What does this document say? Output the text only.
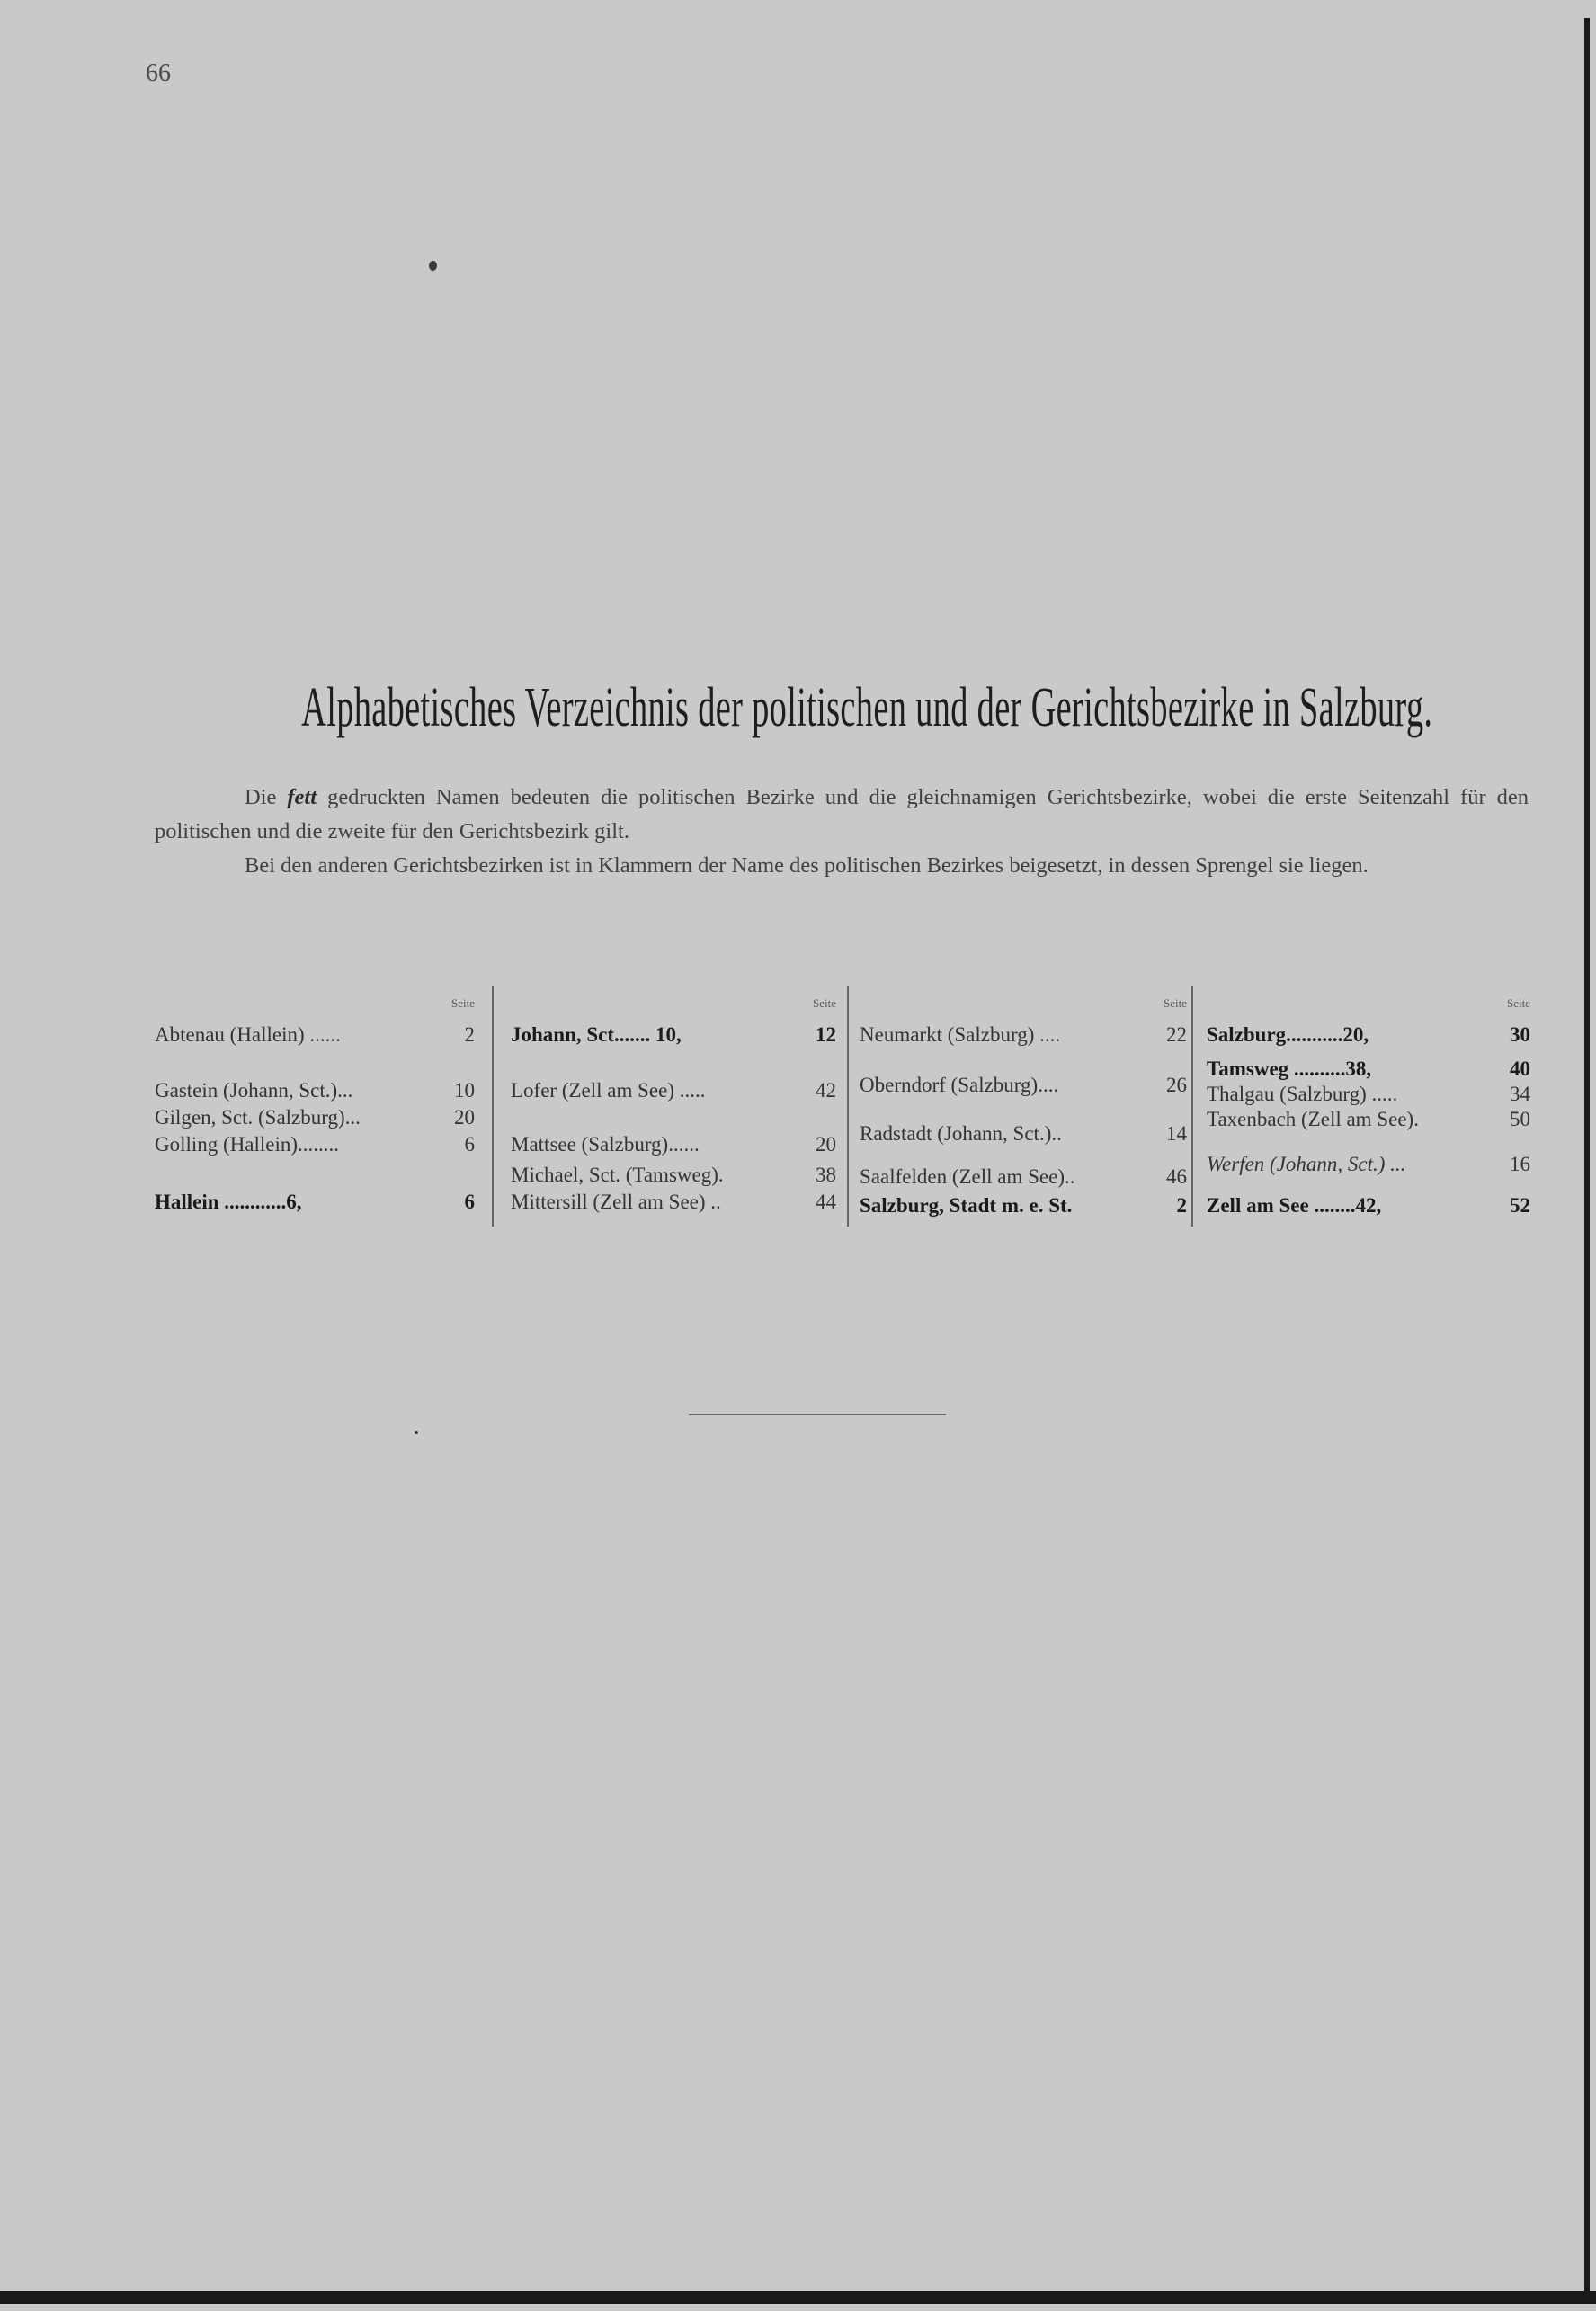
66
Alphabetisches Verzeichnis der politischen und der Gerichtsbezirke in Salzburg.

Die fett gedruckten Namen bedeuten die politischen Bezirke und die gleichnamigen Gerichtsbezirke, wobei die erste Seitenzahl für den politischen und die zweite für den Gerichtsbezirk gilt.

Bei den anderen Gerichtsbezirken ist in Klammern der Name des politischen Bezirkes beigesetzt, in dessen Sprengel sie liegen.

Seite
Abtenau (Hallein) ......	2
Gastein (Johann, Sct.)...	10
Gilgen, Sct. (Salzburg)...	20
Golling (Hallein)........	6
Hallein ............6,	6
Seite
Johann, Sct....... 10,	12
Lofer (Zell am See) .....	42
Mattsee (Salzburg)......	20
Michael, Sct. (Tamsweg).	38
Mittersill (Zell am See) ..	44
Seite
Neumarkt (Salzburg) ....	22
Oberndorf (Salzburg)....	26
Radstadt (Johann, Sct.)..	14
Saalfelden (Zell am See)..	46
Salzburg, Stadt m. e. St.	2
Seite
Salzburg...........20,	30
Tamsweg ..........38,	40
Thalgau (Salzburg) .....	34
Taxenbach (Zell am See).	50
Werfen (Johann, Sct.) ...	16
Zell am See ........42,	52
